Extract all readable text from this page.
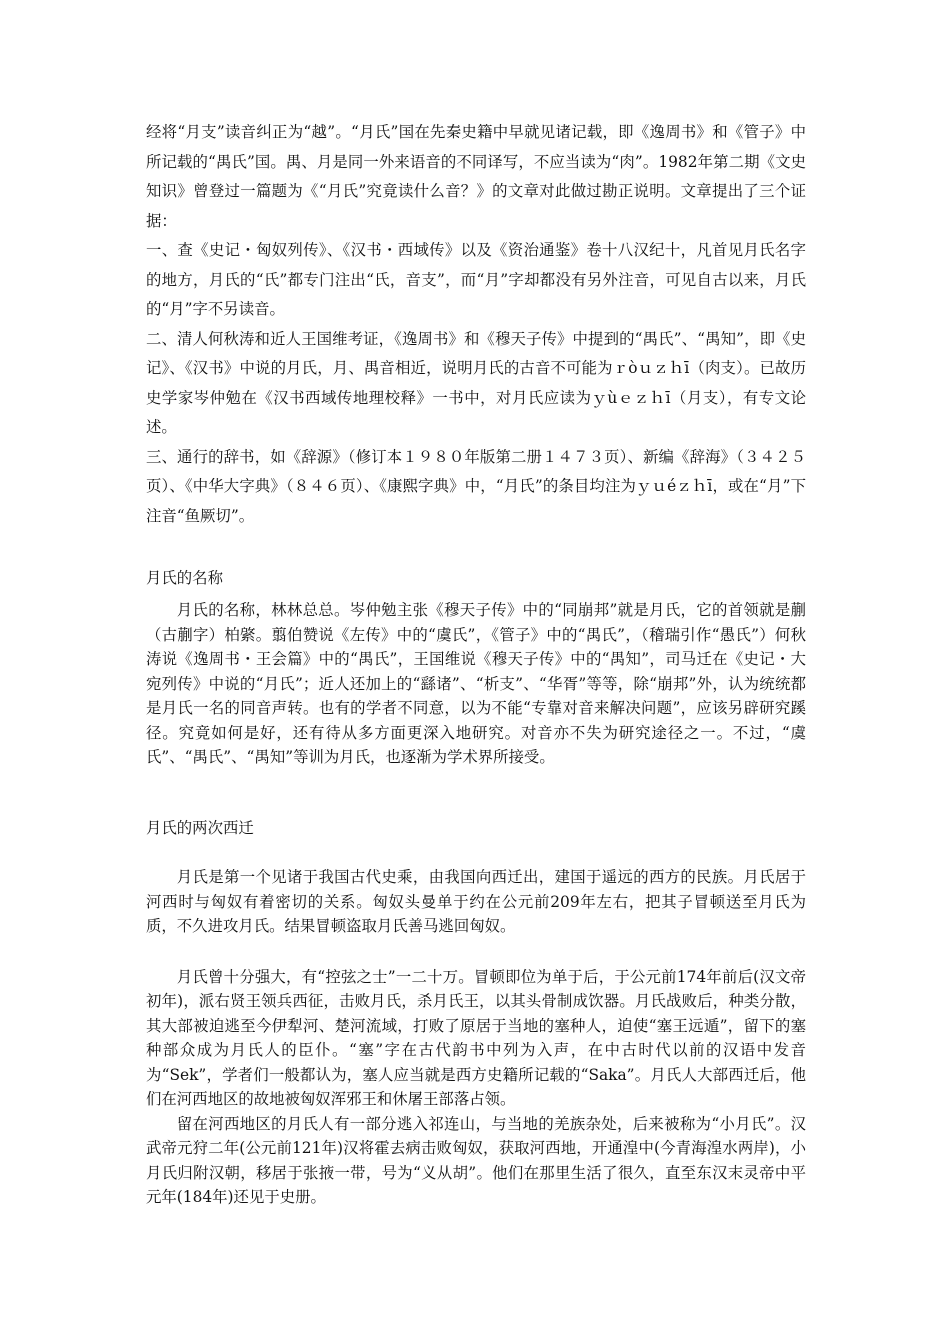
经将“月支”读音纠正为“越”。“月氏”国在先秦史籍中早就见诸记载，即《逸周书》和《管子》中所记载的“禺氏”国。禺、月是同一外来语音的不同译写，不应当读为“肉”。1982年第二期《文史知识》曾登过一篇题为《“月氏”究竟读什么音？》的文章对此做过勘正说明。文章提出了三个证据：

一、查《史记・匈奴列传》、《汉书・西域传》以及《资治通鉴》卷十八汉纪十，凡首见月氏名字的地方，月氏的“氏”都专门注出“氏，音支”，而“月”字却都没有另外注音，可见自古以来，月氏的“月”字不另读音。

二、清人何秋涛和近人王国维考证，《逸周书》和《穆天子传》中提到的“禺氏”、“禺知”，即《史记》、《汉书》中说的月氏，月、禺音相近，说明月氏的古音不可能为ｒòｕｚｈī（肉支）。已故历史学家岑仲勉在《汉书西域传地理校释》一书中，对月氏应读为ｙùｅｚｈī（月支），有专文论述。

三、通行的辞书，如《辞源》（修订本１９８０年版第二册１４７３页）、新编《辞海》（３４２５页）、《中华大字典》（８４６页）、《康熙字典》中，“月氏”的条目均注为ｙｕéｚｈī，或在“月”下注音“鱼厥切”。

月氏的名称

月氏的名称，林林总总。岑仲勉主张《穆天子传》中的“同崩邦”就是月氏，它的首领就是蒯（古蒯字）柏綮。翦伯赞说《左传》中的“虞氏”，《管子》中的“禺氏”，（稽瑞引作“愚氏”）何秋涛说《逸周书・王会篇》中的“禺氏”，王国维说《穆天子传》中的“禺知”，司马迁在《史记・大宛列传》中说的“月氏”；近人还加上的“繇诸”、“析支”、“华胥”等等，除“崩邦”外，认为统统都是月氏一名的同音声转。也有的学者不同意，以为不能“专靠对音来解决问题”，应该另辟研究蹊径。究竟如何是好，还有待从多方面更深入地研究。对音亦不失为研究途径之一。不过，“虞氏”、“禺氏”、“禺知”等训为月氏，也逐渐为学术界所接受。

月氏的两次西迁

月氏是第一个见诸于我国古代史乘，由我国向西迁出，建国于遥远的西方的民族。月氏居于河西时与匈奴有着密切的关系。匈奴头曼单于约在公元前209年左右，把其子冒顿送至月氏为质，不久进攻月氏。结果冒顿盗取月氏善马逃回匈奴。

月氏曾十分强大，有“控弦之士”一二十万。冒顿即位为单于后，于公元前174年前后(汉文帝初年)，派右贤王领兵西征，击败月氏，杀月氏王，以其头骨制成饮器。月氏战败后，种类分散，其大部被迫逃至今伊犁河、楚河流域，打败了原居于当地的塞种人，迫使“塞王远遁”，留下的塞种部众成为月氏人的臣仆。“塞”字在古代韵书中列为入声，在中古时代以前的汉语中发音为“Sek”，学者们一般都认为，塞人应当就是西方史籍所记载的“Saka”。月氏人大部西迁后，他们在河西地区的故地被匈奴浑邪王和休屠王部落占领。

留在河西地区的月氏人有一部分逃入祁连山，与当地的羌族杂处，后来被称为“小月氏”。汉武帝元狩二年(公元前121年)汉将霍去病击败匈奴，获取河西地，开通湟中(今青海湟水两岸)，小月氏归附汉朝，移居于张掖一带，号为“义从胡”。他们在那里生活了很久，直至东汉末灵帝中平元年(184年)还见于史册。
